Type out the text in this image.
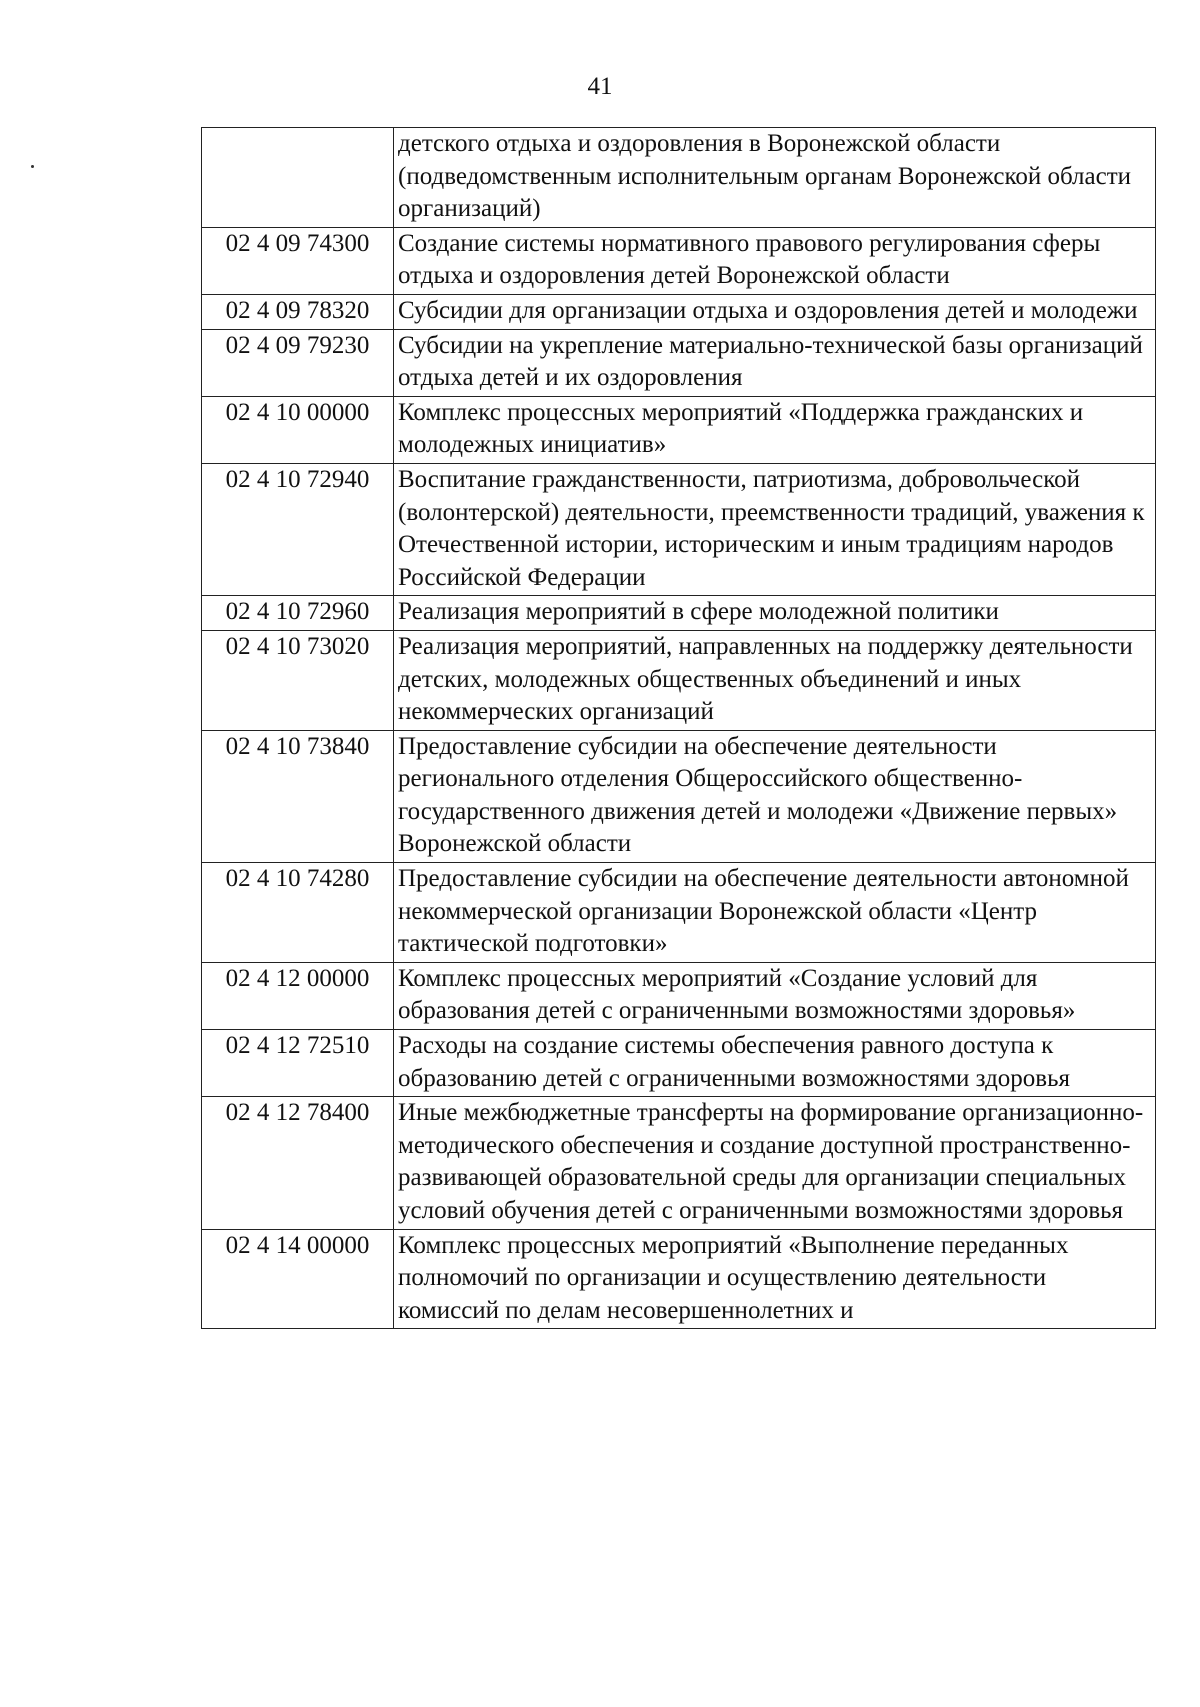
41
	детского отдыха и оздоровления в Воронежской области (подведомственным исполнительным органам Воронежской области организаций)
02 4 09 74300	Создание системы нормативного правового регулирования сферы отдыха и оздоровления детей Воронежской области
02 4 09 78320	Субсидии для организации отдыха и оздоровления детей и молодежи
02 4 09 79230	Субсидии на укрепление материально-технической базы организаций отдыха детей и их оздоровления
02 4 10 00000	Комплекс процессных мероприятий «Поддержка гражданских и молодежных инициатив»
02 4 10 72940	Воспитание гражданственности, патриотизма, добровольческой (волонтерской) деятельности, преемственности традиций, уважения к Отечественной истории, историческим и иным традициям народов Российской Федерации
02 4 10 72960	Реализация мероприятий в сфере молодежной политики
02 4 10 73020	Реализация мероприятий, направленных на поддержку деятельности детских, молодежных общественных объединений и иных некоммерческих организаций
02 4 10 73840	Предоставление субсидии на обеспечение деятельности регионального отделения Общероссийского общественно-государственного движения детей и молодежи «Движение первых» Воронежской области
02 4 10 74280	Предоставление субсидии на обеспечение деятельности автономной некоммерческой организации Воронежской области «Центр тактической подготовки»
02 4 12 00000	Комплекс процессных мероприятий «Создание условий для образования детей с ограниченными возможностями здоровья»
02 4 12 72510	Расходы на создание системы обеспечения равного доступа к образованию детей с ограниченными возможностями здоровья
02 4 12 78400	Иные межбюджетные трансферты на формирование организационно-методического обеспечения и создание доступной пространственно-развивающей образовательной среды для организации специальных условий обучения детей с ограниченными возможностями здоровья
02 4 14 00000	Комплекс процессных мероприятий «Выполнение переданных полномочий по организации и осуществлению деятельности комиссий по делам несовершеннолетних и
